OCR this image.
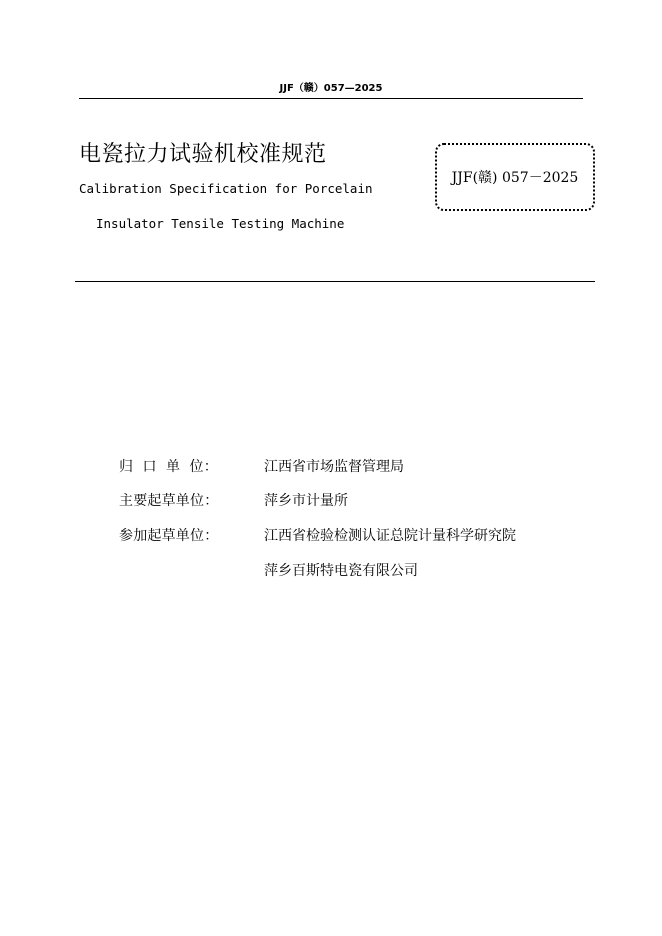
JJF（赣）057—2025
电瓷拉力试验机校准规范
Calibration Specification for Porcelain
Insulator Tensile Testing Machine
JJF(赣) 057－2025
归  口  单  位：	江西省市场监督管理局
主要起草单位：	萍乡市计量所
参加起草单位：	江西省检验检测认证总院计量科学研究院
萍乡百斯特电瓷有限公司
